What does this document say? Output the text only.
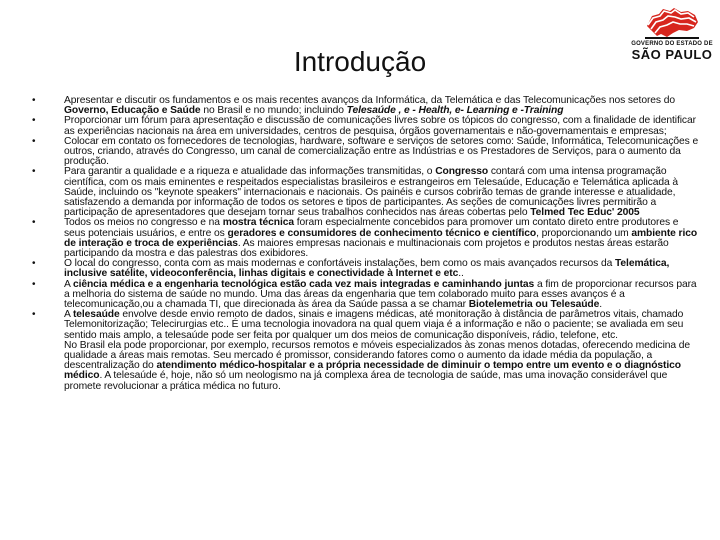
Introdução
GOVERNO DO ESTADO DE
SÃO PAULO
•	Apresentar e discutir os fundamentos e os mais recentes avanços da Informática, da Telemática e das Telecomunicações nos setores do Governo, Educação e Saúde no Brasil e no mundo; incluindo Telesaúde , e - Health, e- Learning e -Training
•	Proporcionar um fórum para apresentação e discussão de comunicações livres sobre os tópicos do congresso, com a finalidade de identificar as experiências nacionais na área em universidades, centros de pesquisa, órgãos governamentais e não-governamentais e empresas;
•	Colocar em contato os fornecedores de tecnologias, hardware, software e serviços de setores como: Saúde, Informática, Telecomunicações e outros, criando, através do Congresso, um canal de comercialização entre as Indústrias e os Prestadores de Serviços, para o aumento da produção.
•	Para garantir a qualidade e a riqueza e atualidade das informações transmitidas, o Congresso contará com uma intensa programação científica, com os mais eminentes e respeitados especialistas brasileiros e estrangeiros em Telesaúde, Educação e Telemática aplicada à Saúde, incluindo os "keynote speakers" internacionais e nacionais. Os painéis e cursos cobrirão temas de grande interesse e atualidade, satisfazendo a demanda por informação de todos os setores e tipos de participantes. As seções de comunicações livres permitirão a participação de apresentadores que desejam tornar seus trabalhos conhecidos nas áreas cobertas pelo Telmed Tec Educ' 2005
•	Todos os meios no congresso e na mostra técnica foram especialmente concebidos para promover um contato direto entre produtores e seus potenciais usuários, e entre os geradores e consumidores de conhecimento técnico e científico, proporcionando um ambiente rico de interação e troca de experiências. As maiores empresas nacionais e multinacionais com projetos e produtos nestas áreas estarão participando da mostra e das palestras dos exibidores.
•	O local do congresso, conta com as mais modernas e confortáveis instalações, bem como os mais avançados recursos da Telemática, inclusive satélite, videoconferência, linhas digitais e conectividade à Internet e etc..
•	A ciência médica e a engenharia tecnológica estão cada vez mais integradas e caminhando juntas a fim de proporcionar recursos para a melhoria do sistema de saúde no mundo. Uma das áreas da engenharia que tem colaborado muito para esses avanços é a telecomunicação,ou a chamada TI, que direcionada às área da Saúde passa a se chamar Biotelemetria ou Telesaúde.
•	A telesaúde envolve desde envio remoto de dados, sinais e imagens médicas, até monitoração à distância de parâmetros vitais, chamado Telemonitorização; Telecirurgias etc.. É uma tecnologia inovadora na qual quem viaja é a informação e não o paciente; se avaliada em seu sentido mais amplo, a telesaúde pode ser feita por qualquer um dos meios de comunicação disponíveis, rádio, telefone, etc.
No Brasil ela pode proporcionar, por exemplo, recursos remotos e móveis especializados às zonas menos dotadas, oferecendo medicina de qualidade a áreas mais remotas. Seu mercado é promissor, considerando fatores como o aumento da idade média da população, a descentralização do atendimento médico-hospitalar e a própria necessidade de diminuir o tempo entre um evento e o diagnóstico médico. A telesaúde é, hoje, não só um neologismo na já complexa área de tecnologia de saúde, mas uma inovação considerável que promete revolucionar a prática médica no futuro.
